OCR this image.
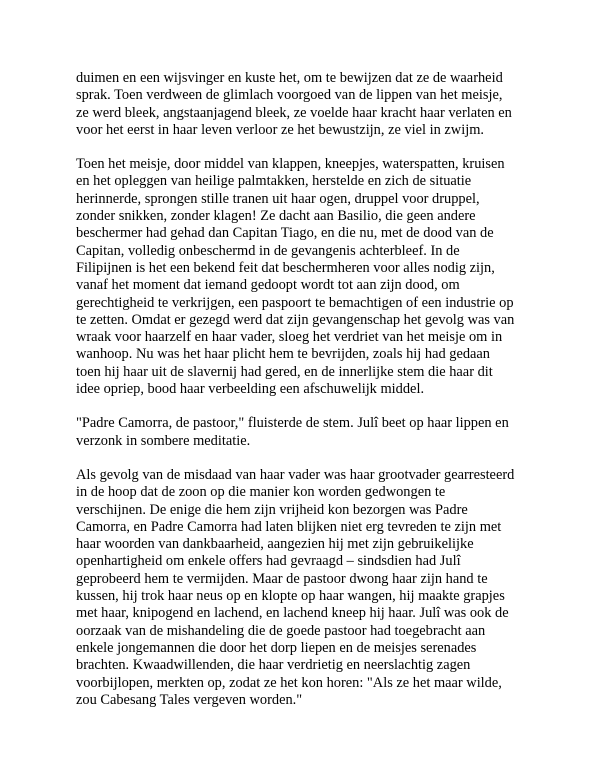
duimen en een wijsvinger en kuste het, om te bewijzen dat ze de waarheid
sprak. Toen verdween de glimlach voorgoed van de lippen van het meisje,
ze werd bleek, angstaanjagend bleek, ze voelde haar kracht haar verlaten en
voor het eerst in haar leven verloor ze het bewustzijn, ze viel in zwijm.

Toen het meisje, door middel van klappen, kneepjes, waterspatten, kruisen
en het opleggen van heilige palmtakken, herstelde en zich de situatie
herinnerde, sprongen stille tranen uit haar ogen, druppel voor druppel,
zonder snikken, zonder klagen! Ze dacht aan Basilio, die geen andere
beschermer had gehad dan Capitan Tiago, en die nu, met de dood van de
Capitan, volledig onbeschermd in de gevangenis achterbleef. In de
Filipijnen is het een bekend feit dat beschermheren voor alles nodig zijn,
vanaf het moment dat iemand gedoopt wordt tot aan zijn dood, om
gerechtigheid te verkrijgen, een paspoort te bemachtigen of een industrie op
te zetten. Omdat er gezegd werd dat zijn gevangenschap het gevolg was van
wraak voor haarzelf en haar vader, sloeg het verdriet van het meisje om in
wanhoop. Nu was het haar plicht hem te bevrijden, zoals hij had gedaan
toen hij haar uit de slavernij had gered, en de innerlijke stem die haar dit
idee opriep, bood haar verbeelding een afschuwelijk middel.

"Padre Camorra, de pastoor," fluisterde de stem. Julî beet op haar lippen en
verzonk in sombere meditatie.

Als gevolg van de misdaad van haar vader was haar grootvader gearresteerd
in de hoop dat de zoon op die manier kon worden gedwongen te
verschijnen. De enige die hem zijn vrijheid kon bezorgen was Padre
Camorra, en Padre Camorra had laten blijken niet erg tevreden te zijn met
haar woorden van dankbaarheid, aangezien hij met zijn gebruikelijke
openhartigheid om enkele offers had gevraagd – sindsdien had Julî
geprobeerd hem te vermijden. Maar de pastoor dwong haar zijn hand te
kussen, hij trok haar neus op en klopte op haar wangen, hij maakte grapjes
met haar, knipogend en lachend, en lachend kneep hij haar. Julî was ook de
oorzaak van de mishandeling die de goede pastoor had toegebracht aan
enkele jongemannen die door het dorp liepen en de meisjes serenades
brachten. Kwaadwillenden, die haar verdrietig en neerslachtig zagen
voorbijlopen, merkten op, zodat ze het kon horen: "Als ze het maar wilde,
zou Cabesang Tales vergeven worden."
